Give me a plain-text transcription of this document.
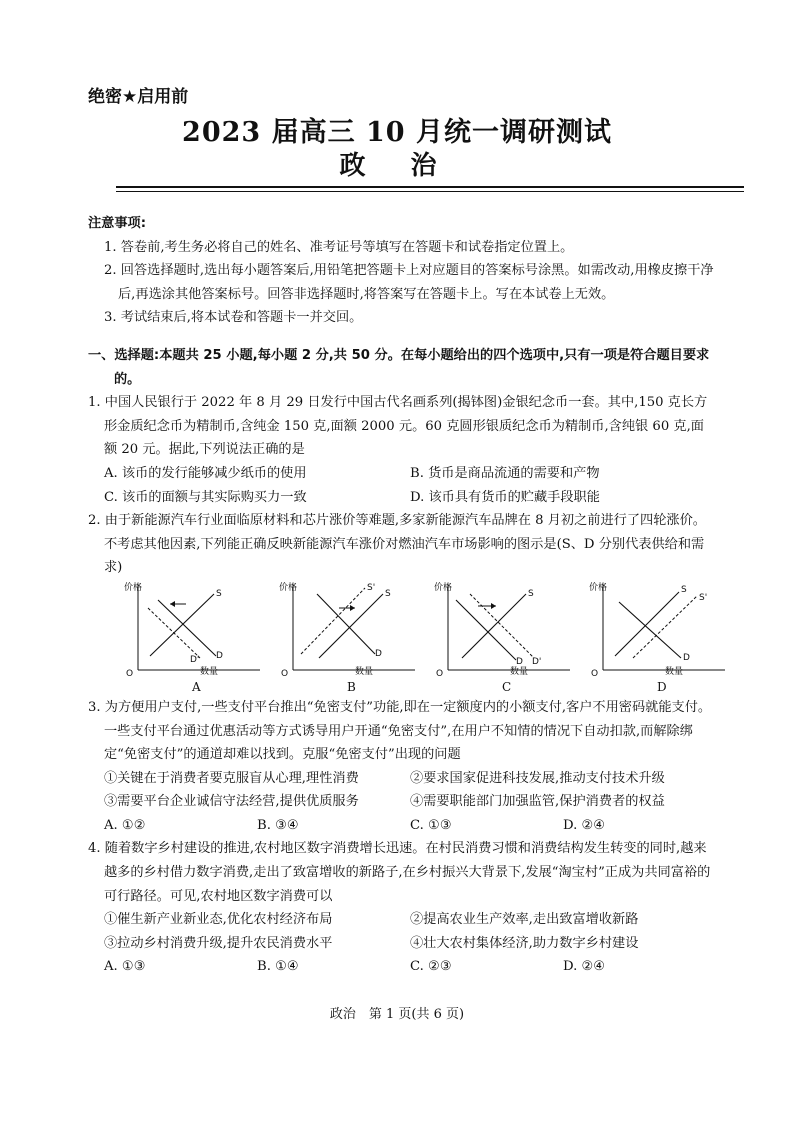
绝密★启用前
2023 届高三 10 月统一调研测试
政 治

注意事项:

1. 答卷前,考生务必将自己的姓名、准考证号等填写在答题卡和试卷指定位置上。

2. 回答选择题时,选出每小题答案后,用铅笔把答题卡上对应题目的答案标号涂黑。如需改动,用橡皮擦干净后,再选涂其他答案标号。回答非选择题时,将答案写在答题卡上。写在本试卷上无效。

3. 考试结束后,将本试卷和答题卡一并交回。

一、选择题:本题共 25 小题,每小题 2 分,共 50 分。在每小题给出的四个选项中,只有一项是符合题目要求的。

1. 中国人民银行于 2022 年 8 月 29 日发行中国古代名画系列(揭钵图)金银纪念币一套。其中,150 克长方形金质纪念币为精制币,含纯金 150 克,面额 2000 元。60 克圆形银质纪念币为精制币,含纯银 60 克,面额 20 元。据此,下列说法正确的是

A. 该币的发行能够减少纸币的使用	B. 货币是商品流通的需要和产物
C. 该币的面额与其实际购买力一致	D. 该币具有货币的贮藏手段职能

2. 由于新能源汽车行业面临原材料和芯片涨价等难题,多家新能源汽车品牌在 8 月初之前进行了四轮涨价。不考虑其他因素,下列能正确反映新能源汽车涨价对燃油汽车市场影响的图示是(S、D 分别代表供给和需求)

价格
数量
S
D
D'
O
价格
数量
S
D
S'
O
价格
数量
S
D D'
O
价格
数量
S
D
S'
O
A	B	C	D

3. 为方便用户支付,一些支付平台推出“免密支付”功能,即在一定额度内的小额支付,客户不用密码就能支付。一些支付平台通过优惠活动等方式诱导用户开通“免密支付”,在用户不知情的情况下自动扣款,而解除绑定“免密支付”的通道却难以找到。克服“免密支付”出现的问题

①关键在于消费者要克服盲从心理,理性消费	②要求国家促进科技发展,推动支付技术升级
③需要平台企业诚信守法经营,提供优质服务	④需要职能部门加强监管,保护消费者的权益
A. ①②	B. ③④	C. ①③	D. ②④

4. 随着数字乡村建设的推进,农村地区数字消费增长迅速。在村民消费习惯和消费结构发生转变的同时,越来越多的乡村借力数字消费,走出了致富增收的新路子,在乡村振兴大背景下,发展“淘宝村”正成为共同富裕的可行路径。可见,农村地区数字消费可以

①催生新产业新业态,优化农村经济布局	②提高农业生产效率,走出致富增收新路
③拉动乡村消费升级,提升农民消费水平	④壮大农村集体经济,助力数字乡村建设
A. ①③	B. ①④	C. ②③	D. ②④
政治　第 1 页(共 6 页)
